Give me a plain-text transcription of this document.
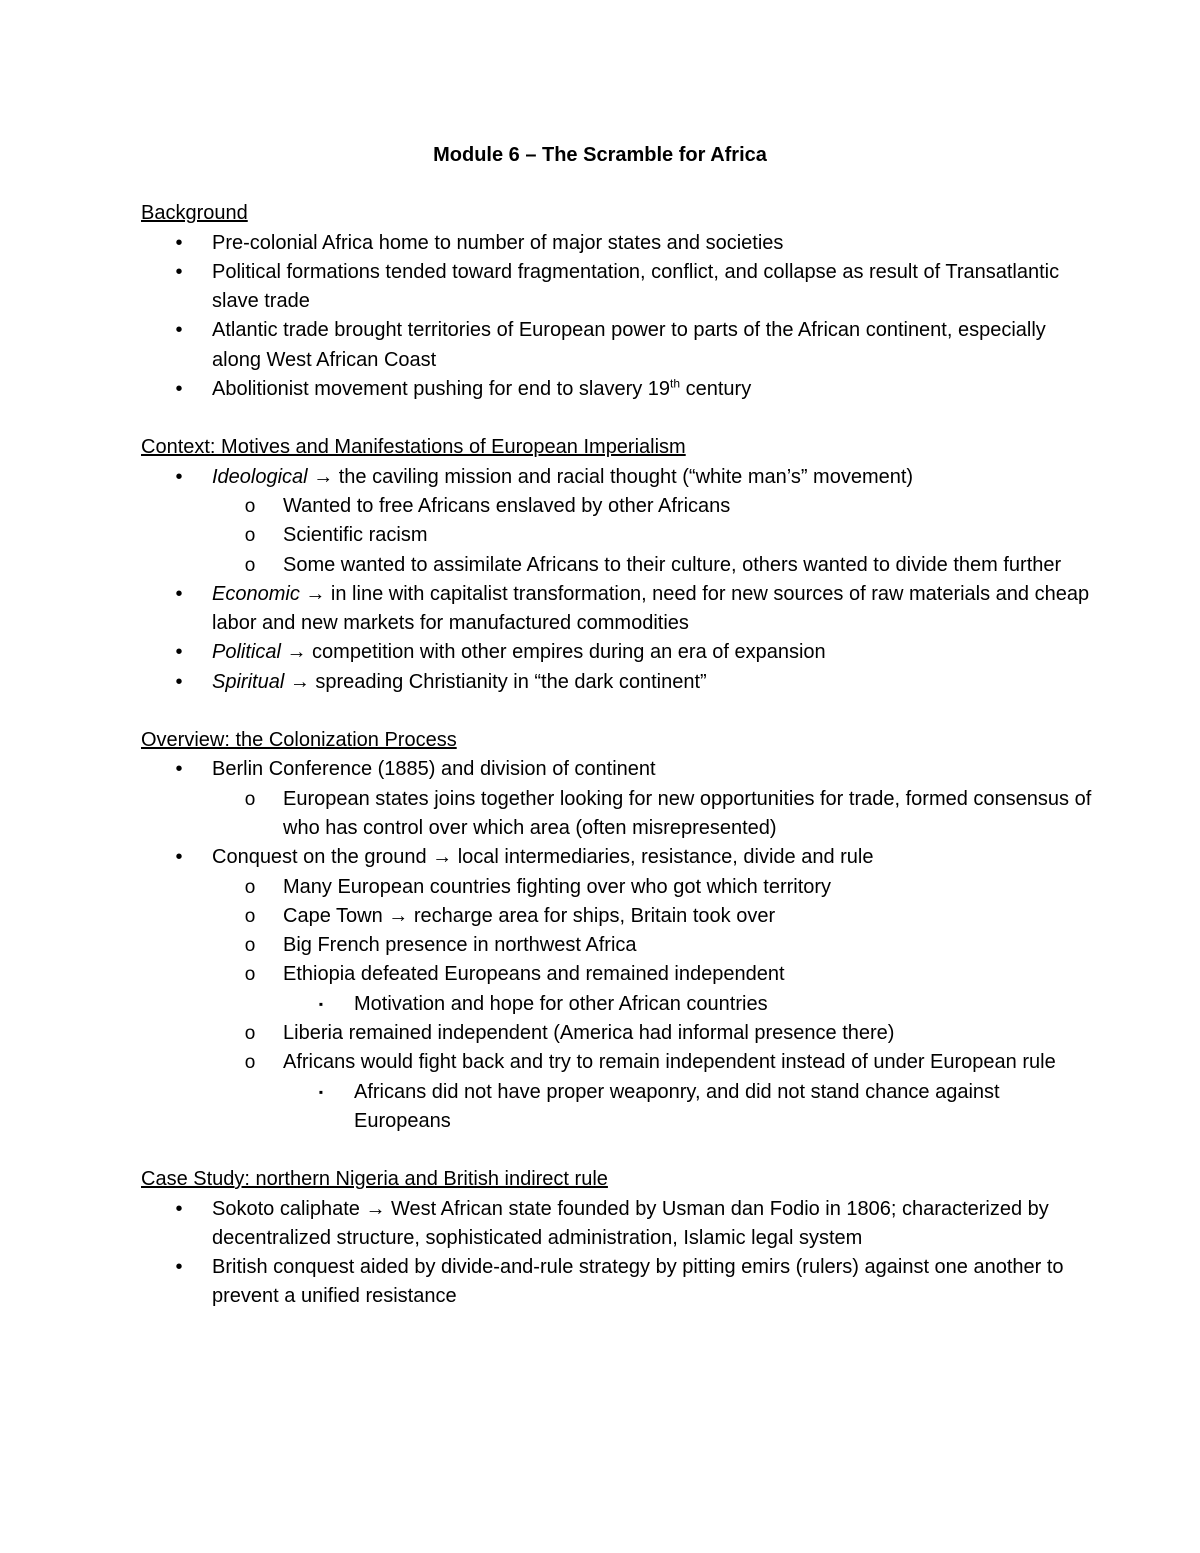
Module 6 – The Scramble for Africa
Background
•	Pre-colonial Africa home to number of major states and societies
•	Political formations tended toward fragmentation, conflict, and collapse as result of Transatlantic slave trade
•	Atlantic trade brought territories of European power to parts of the African continent, especially along West African Coast
•	Abolitionist movement pushing for end to slavery 19th century
Context: Motives and Manifestations of European Imperialism
•	Ideological → the caviling mission and racial thought (“white man’s” movement)
o Wanted to free Africans enslaved by other Africans
o Scientific racism
o Some wanted to assimilate Africans to their culture, others wanted to divide them further
•	Economic → in line with capitalist transformation, need for new sources of raw materials and cheap labor and new markets for manufactured commodities
•	Political → competition with other empires during an era of expansion
•	Spiritual → spreading Christianity in “the dark continent”
Overview: the Colonization Process
•	Berlin Conference (1885) and division of continent
o European states joins together looking for new opportunities for trade, formed consensus of who has control over which area (often misrepresented)
•	Conquest on the ground → local intermediaries, resistance, divide and rule
o Many European countries fighting over who got which territory
o Cape Town → recharge area for ships, Britain took over
o Big French presence in northwest Africa
o Ethiopia defeated Europeans and remained independent
▪	Motivation and hope for other African countries
o Liberia remained independent (America had informal presence there)
o Africans would fight back and try to remain independent instead of under European rule
▪	Africans did not have proper weaponry, and did not stand chance against Europeans
Case Study: northern Nigeria and British indirect rule
•	Sokoto caliphate → West African state founded by Usman dan Fodio in 1806; characterized by decentralized structure, sophisticated administration, Islamic legal system
•	British conquest aided by divide-and-rule strategy by pitting emirs (rulers) against one another to prevent a unified resistance
